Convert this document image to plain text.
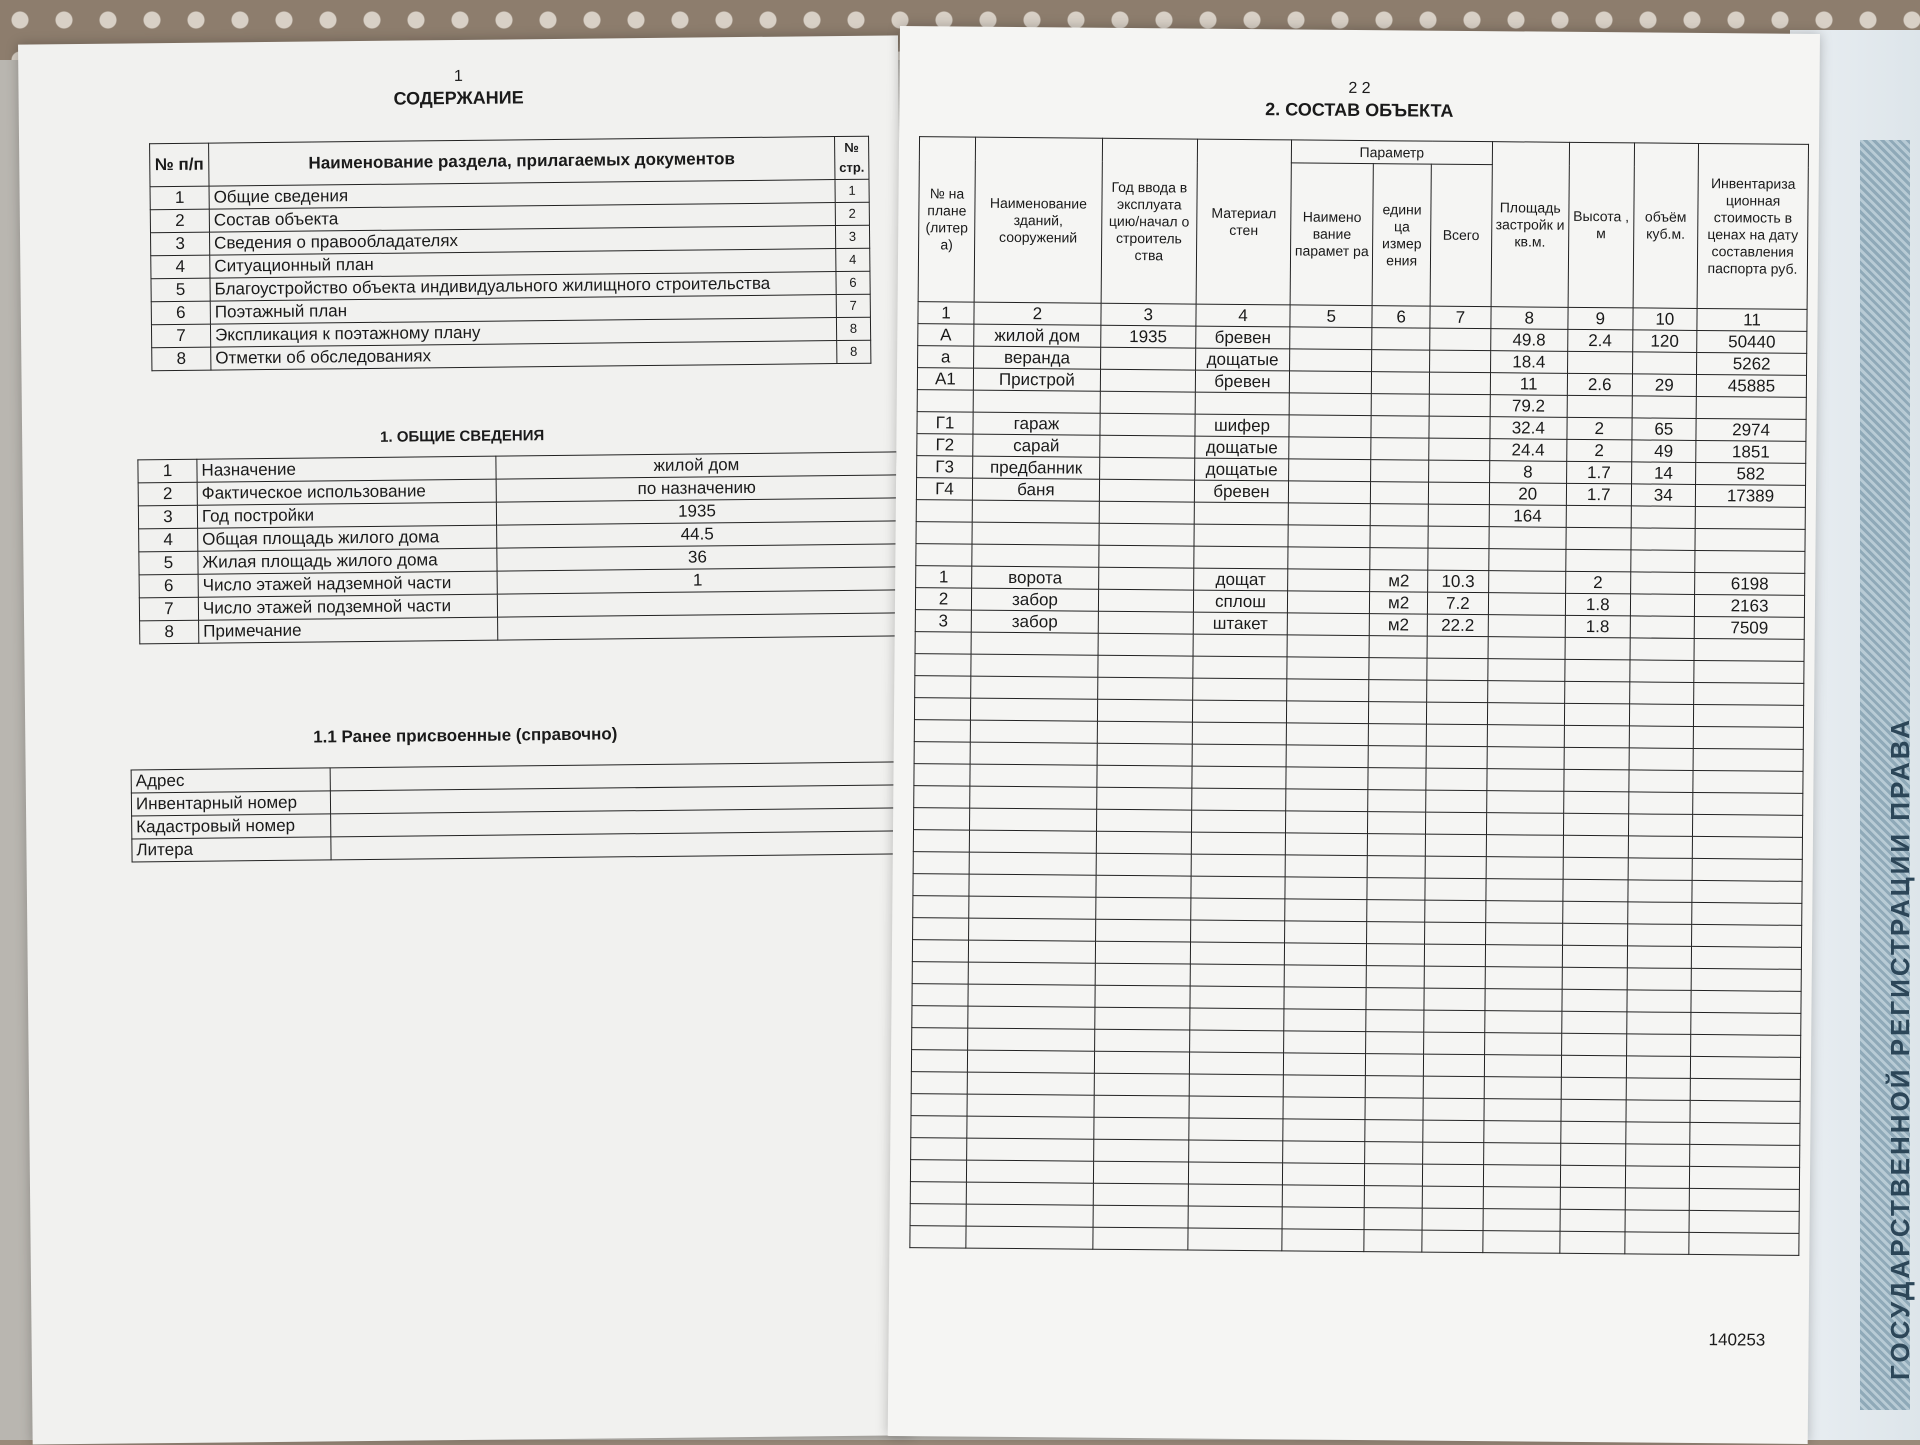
ГОСУДАРСТВЕННОЙ РЕГИСТРАЦИИ ПРАВА
1
СОДЕРЖАНИЕ
№ п/п	Наименование раздела, прилагаемых документов	№ стр.
1	Общие сведения	1
2	Состав объекта	2
3	Сведения о правообладателях	3
4	Ситуационный план	4
5	Благоустройство объекта индивидуального жилищного строительства	6
6	Поэтажный план	7
7	Экспликация к поэтажному плану	8
8	Отметки об обследованиях	8
1. ОБЩИЕ СВЕДЕНИЯ
1	Назначение	жилой дом
2	Фактическое использование	по назначению
3	Год постройки	1935
4	Общая площадь жилого дома	44.5
5	Жилая площадь жилого дома	36
6	Число этажей надземной части	1
7	Число этажей подземной части	
8	Примечание	
1.1 Ранее присвоенные (справочно)
Адрес	
Инвентарный номер	
Кадастровый номер	
Литера	
2 2
2. СОСТАВ ОБЪЕКТА
№ на плане (литер а)	Наименование зданий, сооружений	Год ввода в эксплуата цию/начал о строитель ства	Материал стен	Параметр			Площадь застройк и кв.м.	Высота , м	объём куб.м.	Инвентариза ционная стоимость в ценах на дату составления паспорта руб.
				Наимено вание парамет ра	едини ца измер ения	Всего				
1	2	3	4	5	6	7	8	9	10	11
А	жилой дом	1935	бревен				49.8	2.4	120	50440
а	веранда		дощатые				18.4			5262
А1	Пристрой		бревен				11	2.6	29	45885
							79.2			
Г1	гараж		шифер				32.4	2	65	2974
Г2	сарай		дощатые				24.4	2	49	1851
Г3	предбанник		дощатые				8	1.7	14	582
Г4	баня		бревен				20	1.7	34	17389
							164			

1	ворота		дощат		м2	10.3		2		6198
2	забор		сплош		м2	7.2		1.8		2163
3	забор		штакет		м2	22.2		1.8		7509

140253
